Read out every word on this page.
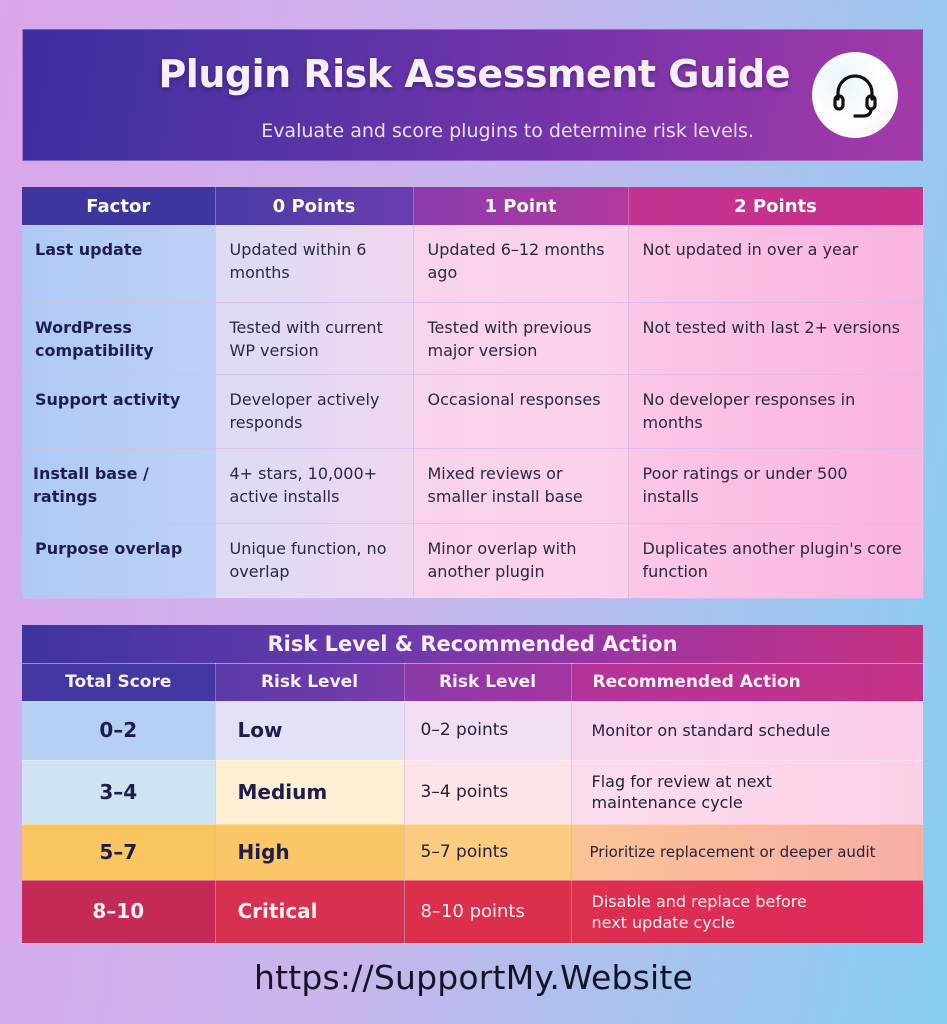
Plugin Risk Assessment Guide
Evaluate and score plugins to determine risk levels.
Factor	0 Points	1 Point	2 Points
Last update	Updated within 6 months	Updated 6–12 months ago	Not updated in over a year
WordPress compatibility	Tested with current WP version	Tested with previous major version	Not tested with last 2+ versions
Support activity	Developer actively responds	Occasional responses	No developer responses in months
Install base / ratings	4+ stars, 10,000+ active installs	Mixed reviews or smaller install base	Poor ratings or under 500 installs
Purpose overlap	Unique function, no overlap	Minor overlap with another plugin	Duplicates another plugin's core function
Risk Level & Recommended Action			
Total Score	Risk Level	Risk Level	Recommended Action
0–2	Low	0–2 points	Monitor on standard schedule
3–4	Medium	3–4 points	Flag for review at next maintenance cycle
5–7	High	5–7 points	Prioritize replacement or deeper audit
8–10	Critical	8–10 points	Disable and replace before next update cycle
https://SupportMy.Website
